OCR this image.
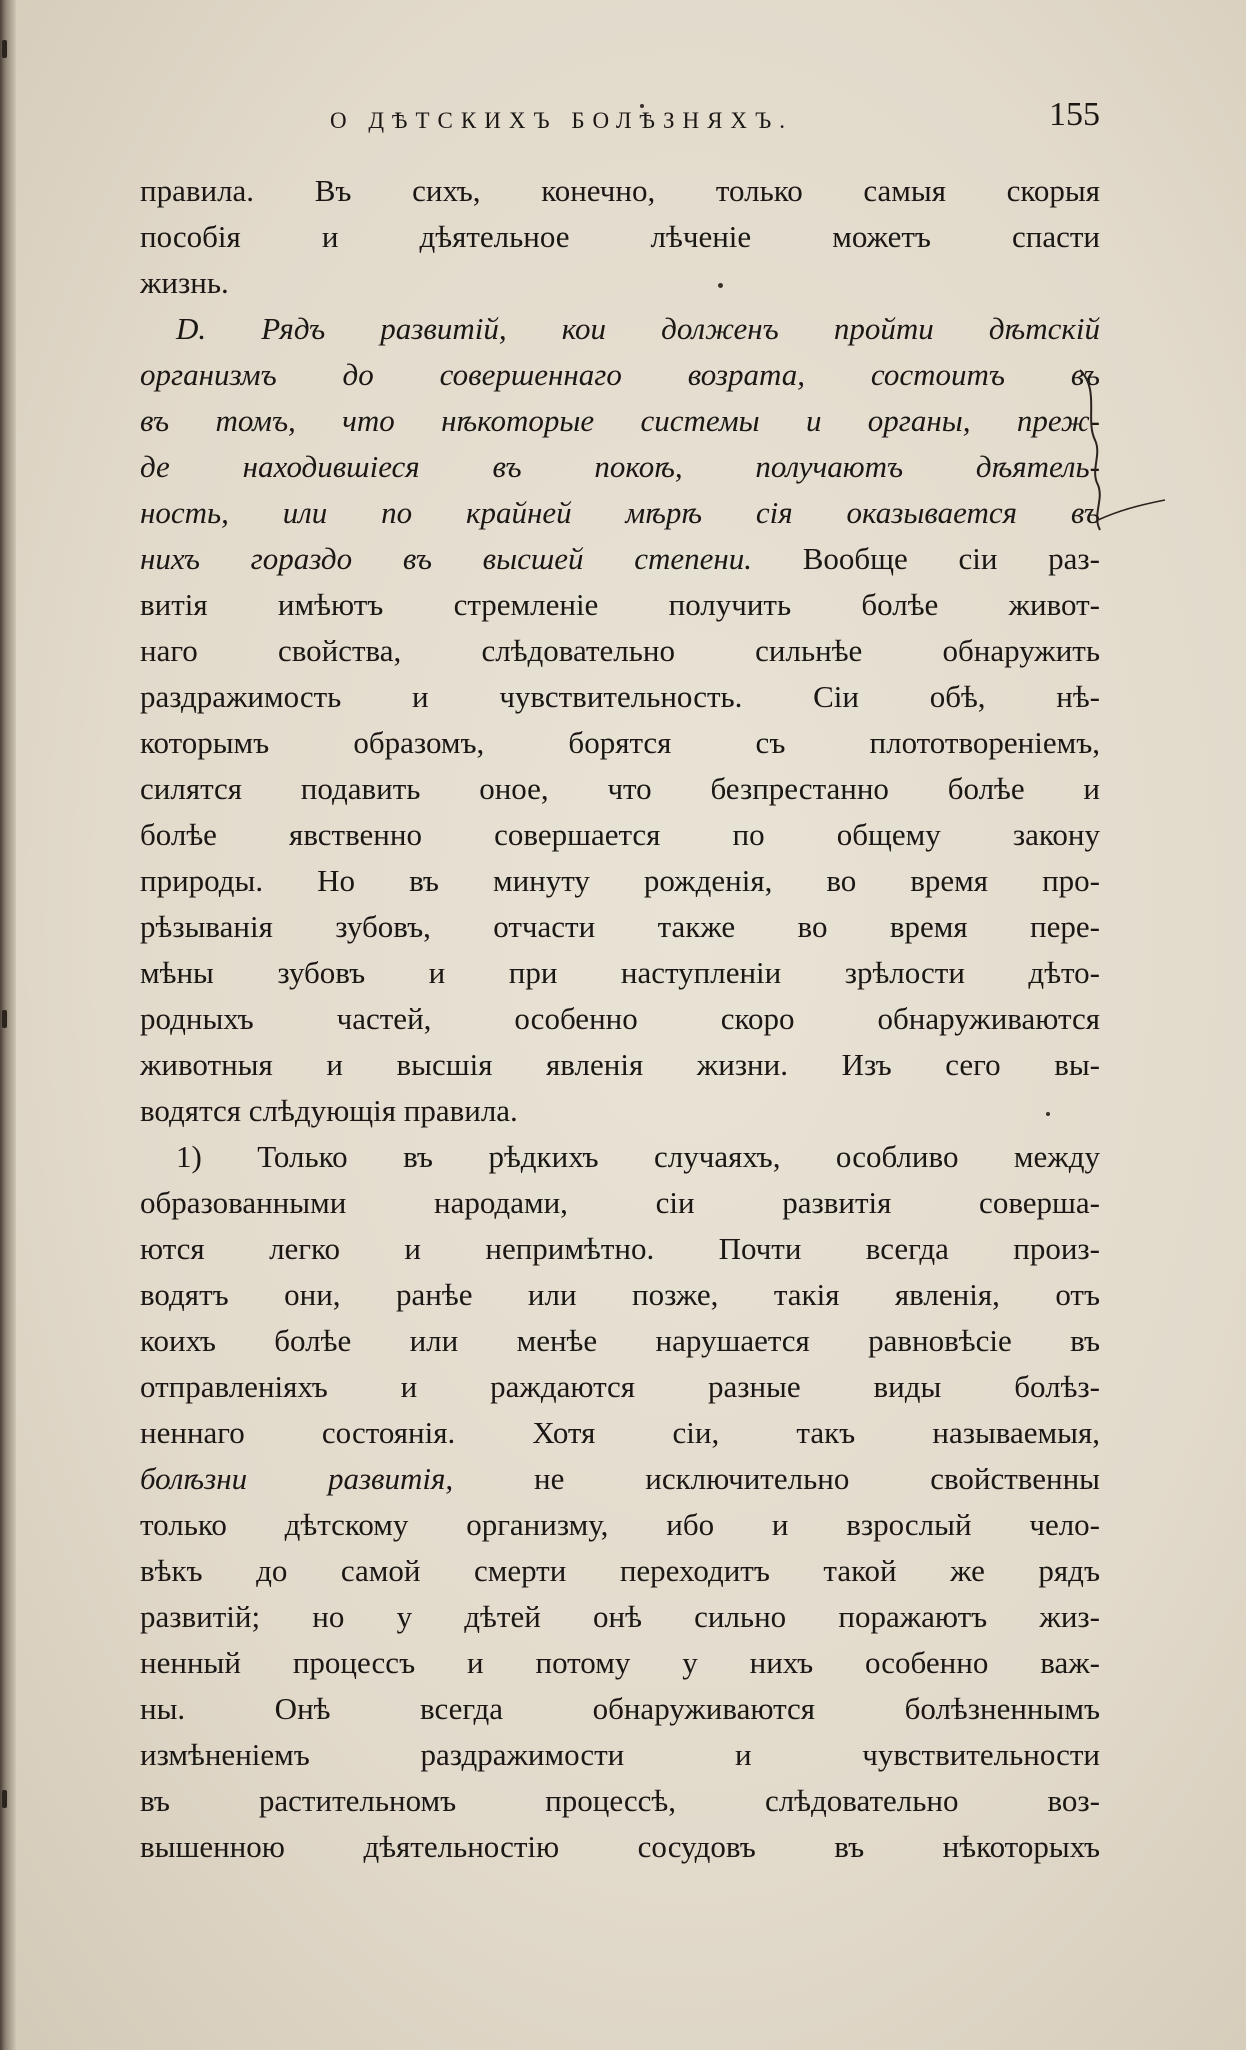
О ДѢТСКИХЪ БОЛѢЗНЯХЪ.	155
правила. Въ сихъ, конечно, только самыя скорыя
пособія и дѣятельное лѣченіе можетъ спасти
жизнь.
D. Рядъ развитій, кои долженъ пройти дѣтскій
организмъ до совершеннаго возрата, состоитъ въ
въ томъ, что нѣкоторые системы и органы, преж-
де находившіеся въ покоѣ, получаютъ дѣятель-
ность, или по крайней мѣрѣ сія оказывается въ
нихъ гораздо въ высшей степени. Вообще сіи раз-
витія имѣютъ стремленіе получить болѣе живот-
наго свойства, слѣдовательно сильнѣе обнаружить
раздражимость и чувствительность. Сіи обѣ, нѣ-
которымъ образомъ, борятся съ плототвореніемъ,
силятся подавить оное, что безпрестанно болѣе и
болѣе явственно совершается по общему закону
природы. Но въ минуту рожденія, во время про-
рѣзыванія зубовъ, отчасти также во время пере-
мѣны зубовъ и при наступленіи зрѣлости дѣто-
родныхъ частей, особенно скоро обнаруживаются
животныя и высшія явленія жизни. Изъ сего вы-
водятся слѣдующія правила.
1) Только въ рѣдкихъ случаяхъ, особливо между
образованными народами, сіи развитія соверша-
ются легко и непримѣтно. Почти всегда произ-
водятъ они, ранѣе или позже, такія явленія, отъ
коихъ болѣе или менѣе нарушается равновѣсіе въ
отправленіяхъ и раждаются разные виды болѣз-
неннаго состоянія. Хотя сіи, такъ называемыя,
болѣзни развитія,	не исключительно свойственны
только дѣтскому организму, ибо и взрослый чело-
вѣкъ до самой смерти переходитъ такой же рядъ
развитій; но у дѣтей онѣ сильно поражаютъ жиз-
ненный процессъ и потому у нихъ особенно важ-
ны. Онѣ всегда обнаруживаются болѣзненнымъ
измѣненіемъ раздражимости и чувствительности
въ растительномъ процессѣ, слѣдовательно воз-
вышенною дѣятельностію сосудовъ въ нѣкоторыхъ
